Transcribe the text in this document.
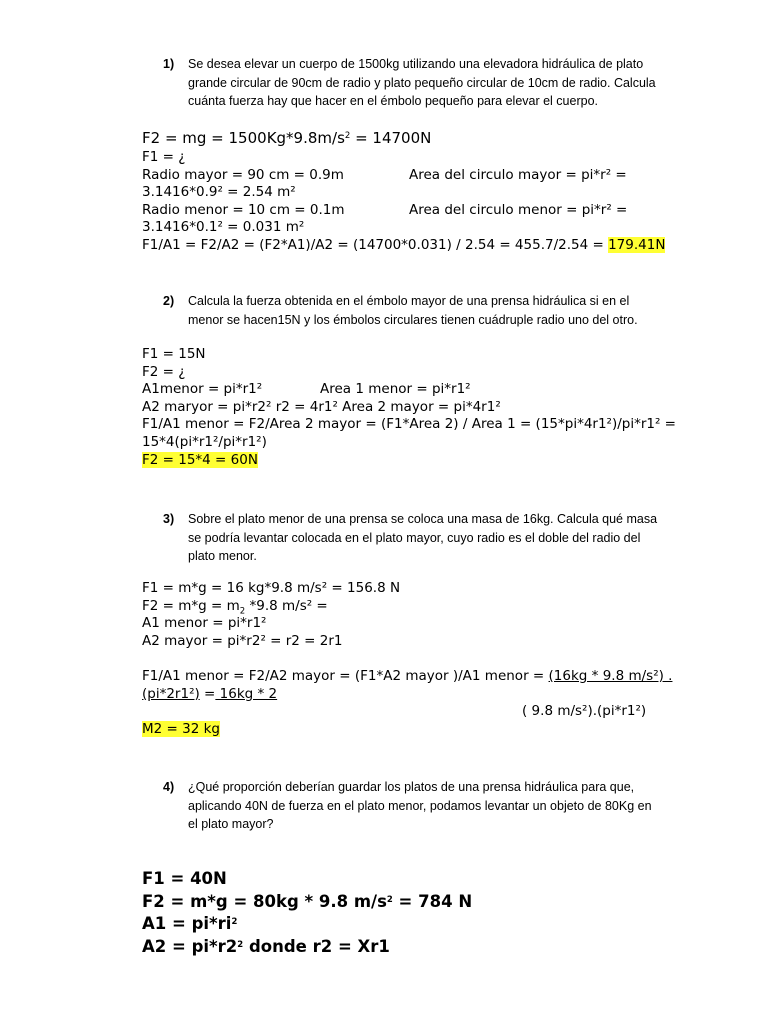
1) Se desea elevar un cuerpo de 1500kg utilizando una elevadora hidráulica de plato
grande circular de 90cm de radio y plato pequeño circular de 10cm de radio. Calcula
cuánta fuerza hay que hacer en el émbolo pequeño para elevar el cuerpo.
F2 = mg = $1500Kg*9.8m/s^2 = 14700N$
F1 = ¿
Radio mayor = 90 cm = 0.9m	Area del circulo mayor = pi*r² =
3.1416*0.9² = 2.54 m²
Radio menor = 10 cm = 0.1m	Area del circulo menor = pi*r² =
3.1416*0.1² = 0.031 m²
F1/A1 = F2/A2 = (F2*A1)/A2 = (14700*0.031) / 2.54 = 455.7/2.54 = 179.41N
2) Calcula la fuerza obtenida en el émbolo mayor de una prensa hidráulica si en el
menor se hacen15N y los émbolos circulares tienen cuádruple radio uno del otro.
F1 = 15N
F2 = ¿
A1menor = pi*r1²	Area 1 menor = pi*r1²
A2 maryor = pi*r2² r2 = 4r1² Area 2 mayor = pi*4r1²
F1/A1 menor = F2/Area 2 mayor = (F1*Area 2) / Area 1 = (15*pi*4r1²)/pi*r1² =
15*4(pi*r1²/pi*r1²)
F2 = 15*4 = 60N
3) Sobre el plato menor de una prensa se coloca una masa de 16kg. Calcula qué masa
se podría levantar colocada en el plato mayor, cuyo radio es el doble del radio del
plato menor.
F1 = m*g = 16 kg*9.8 m/s² = 156.8 N
$F2 = m*g = m_2$ *9.8 m/s² =
A1 menor = pi*r1²
A2 mayor = pi*r2² = r2 = 2r1
F1/A1 menor = F2/A2 mayor = (F1*A2 mayor )/A1 menor = (16kg * 9.8 m/s²) .
(pi*2r1²) = 16kg * 2
( 9.8 m/s²).(pi*r1²)
M2 = 32 kg
4) ¿Qué proporción deberían guardar los platos de una prensa hidráulica para que,
aplicando 40N de fuerza en el plato menor, podamos levantar un objeto de 80Kg en
el plato mayor?
F1 = 40N
F2 = m*g = 80kg * 9.8 $m/s^2 = 784$ N
$A1 = pi*ri^2$
$A2 = pi*r2^2$ donde r2 = Xr1
